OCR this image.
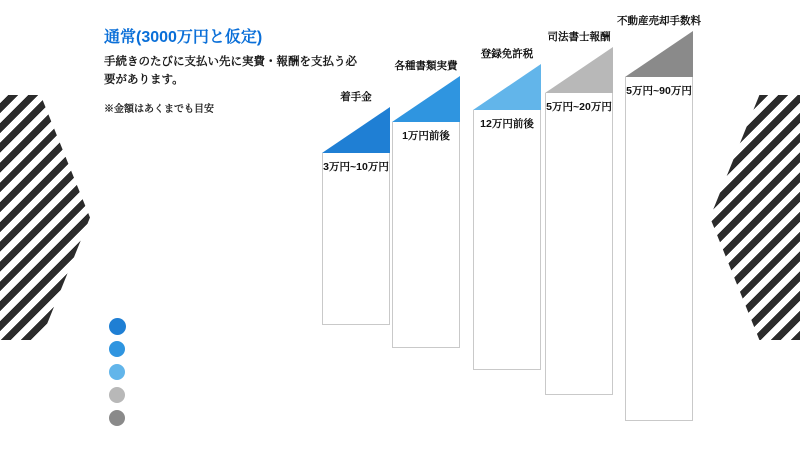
通常(3000万円と仮定)
手続きのたびに支払い先に実費・報酬を支払う必要があります。
※金額はあくまでも目安
着手金
3万円~10万円
各種書類実費
1万円前後
登録免許税
12万円前後
司法書士報酬
5万円~20万円
不動産売却手数料
5万円~90万円
